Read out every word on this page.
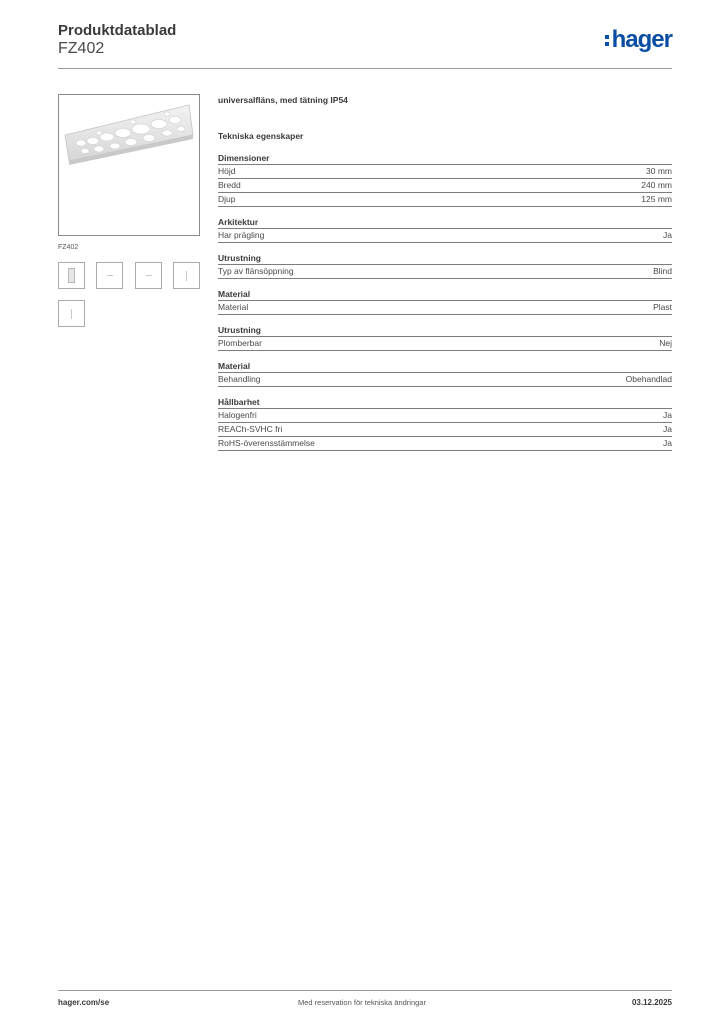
Produktdatablad
FZ402	hager
FZ402

universalfläns, med tätning IP54

Tekniska egenskaper

Dimensioner
Höjd	30 mm
Bredd	240 mm
Djup	125 mm
Arkitektur
Har prägling	Ja
Utrustning
Typ av flänsöppning	Blind
Material
Material	Plast
Utrustning
Plomberbar	Nej
Material
Behandling	Obehandlad
Hållbarhet
Halogenfri	Ja
REACh-SVHC fri	Ja
RoHS-överensstämmelse	Ja
hager.com/se	Med reservation för tekniska ändringar	03.12.2025
